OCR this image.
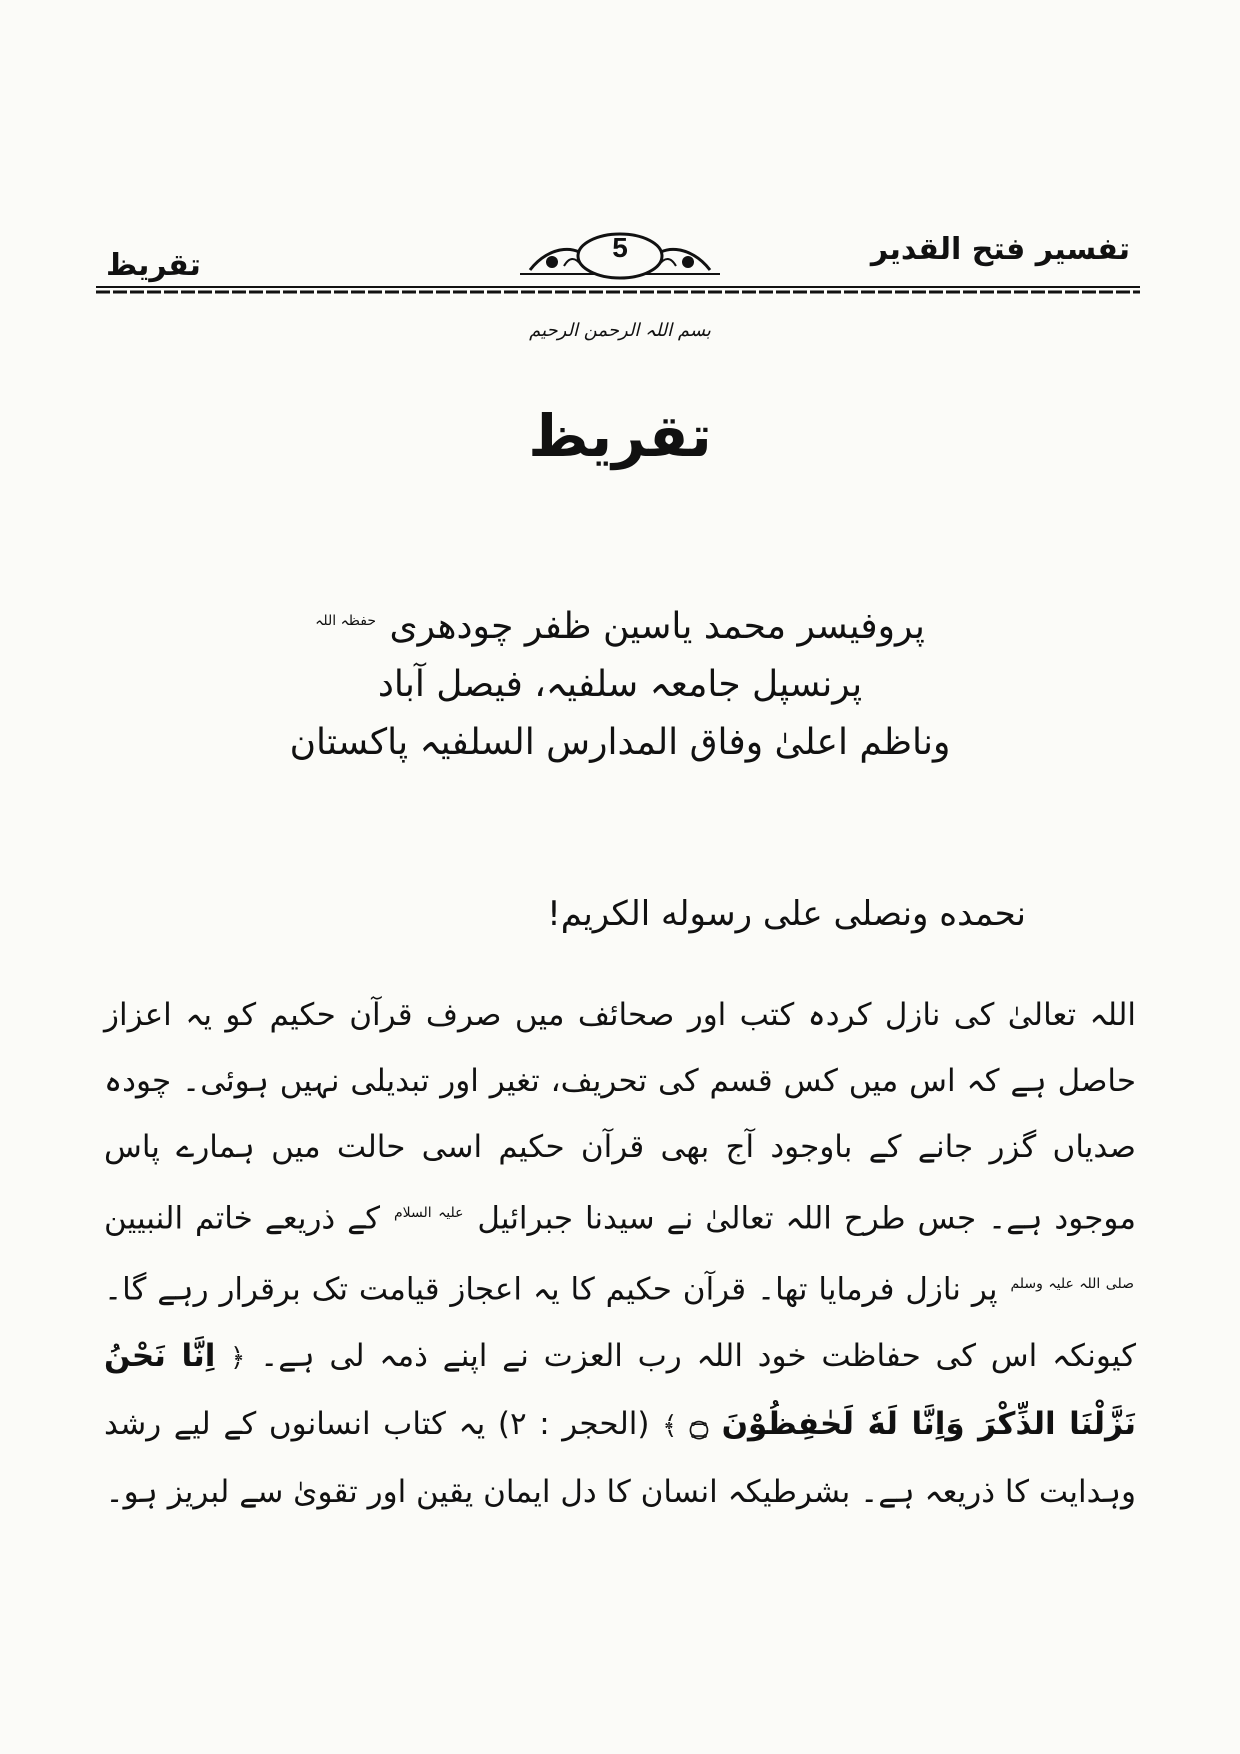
تفسیر فتح القدیر
تقریظ
5
بسم اللہ الرحمن الرحیم
تقریظ
پروفیسر محمد یاسین ظفر چودھری $^{حفظہ اللہ}$
پرنسپل جامعہ سلفیہ، فیصل آباد
وناظم اعلیٰ وفاق المدارس السلفیہ پاکستان
نحمده ونصلی علی رسوله الکریم!
اللہ تعالیٰ کی نازل کردہ کتب اور صحائف میں صرف قرآن حکیم کو یہ اعزاز حاصل ہے کہ اس میں کس قسم کی تحریف، تغیر اور تبدیلی نہیں ہوئی۔ چودہ صدیاں گزر جانے کے باوجود آج بھی قرآن حکیم اسی حالت میں ہمارے پاس موجود ہے۔ جس طرح اللہ تعالیٰ نے سیدنا جبرائیل $^{علیہ السلام}$ کے ذریعے خاتم النبیین $^{صلی اللہ علیہ وسلم}$ پر نازل فرمایا تھا۔ قرآن حکیم کا یہ اعجاز قیامت تک برقرار رہے گا۔ کیونکہ اس کی حفاظت خود اللہ رب العزت نے اپنے ذمہ لی ہے۔ ﴿ اِنَّا نَحْنُ نَزَّلْنَا الذِّكْرَ وَاِنَّا لَهٗ لَحٰفِظُوْنَ ۝ ﴾ (الحجر : ۲) یہ کتاب انسانوں کے لیے رشد وہدایت کا ذریعہ ہے۔ بشرطیکہ انسان کا دل ایمان یقین اور تقویٰ سے لبریز ہو۔
